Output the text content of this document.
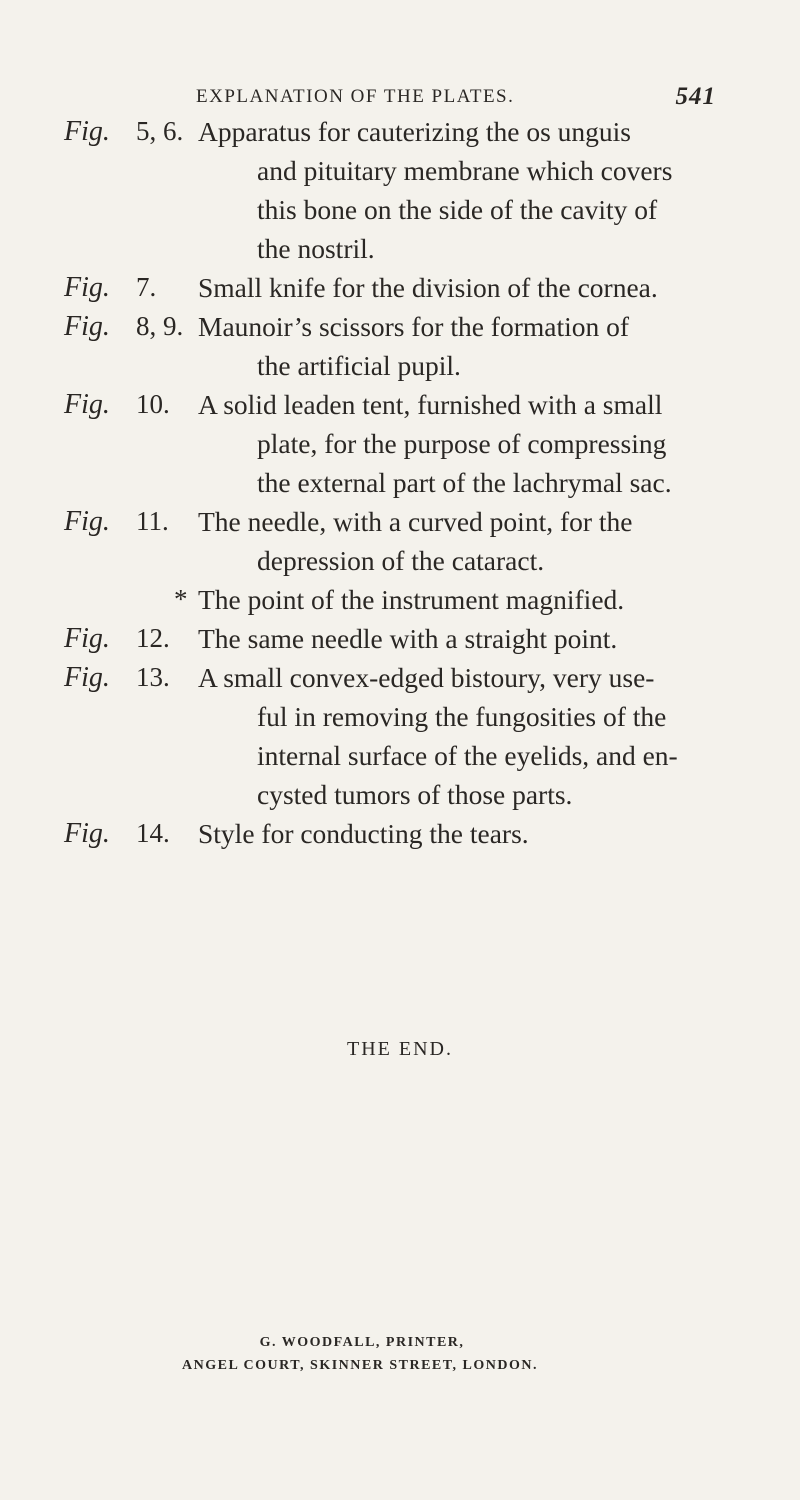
EXPLANATION OF THE PLATES.	541
Fig. 5, 6. Apparatus for cauterizing the os unguis
and pituitary membrane which covers
this bone on the side of the cavity of
the nostril.
Fig. 7. Small knife for the division of the cornea.
Fig. 8, 9. Maunoir’s scissors for the formation of
the artificial pupil.
Fig. 10. A solid leaden tent, furnished with a small
plate, for the purpose of compressing
the external part of the lachrymal sac.
Fig. 11. The needle, with a curved point, for the
depression of the cataract.
* The point of the instrument magnified.
Fig. 12. The same needle with a straight point.
Fig. 13. A small convex-edged bistoury, very use-
ful in removing the fungosities of the
internal surface of the eyelids, and en-
cysted tumors of those parts.
Fig. 14. Style for conducting the tears.
THE END.
G. WOODFALL, PRINTER,
ANGEL COURT, SKINNER STREET, LONDON.
